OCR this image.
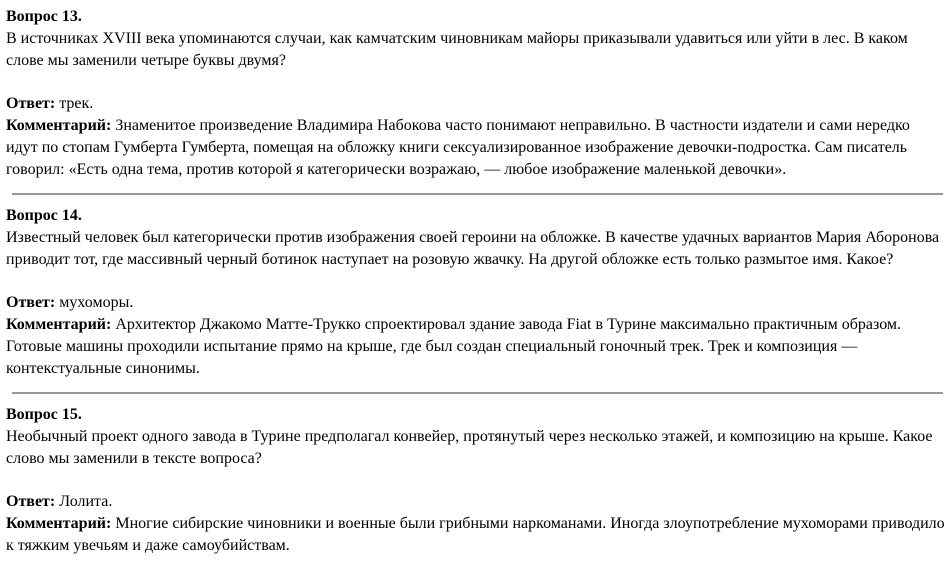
Вопрос 13.

В источниках XVIII века упоминаются случаи, как камчатским чиновникам майоры приказывали удавиться или уйти в лес. В каком слове мы заменили четыре буквы двумя?

Ответ: трек.

Комментарий: Знаменитое произведение Владимира Набокова часто понимают неправильно. В частности издатели и сами нередко идут по стопам Гумберта Гумберта, помещая на обложку книги сексуализированное изображение девочки-подростка. Сам писатель говорил: «Есть одна тема, против которой я категорически возражаю, — любое изображение маленькой девочки».

Вопрос 14.

Известный человек был категорически против изображения своей героини на обложке. В качестве удачных вариантов Мария Аборонова приводит тот, где массивный черный ботинок наступает на розовую жвачку. На другой обложке есть только размытое имя. Какое?

Ответ: мухоморы.

Комментарий: Архитектор Джакомо Матте-Трукко спроектировал здание завода Fiat в Турине максимально практичным образом. Готовые машины проходили испытание прямо на крыше, где был создан специальный гоночный трек. Трек и композиция — контекстуальные синонимы.

Вопрос 15.

Необычный проект одного завода в Турине предполагал конвейер, протянутый через несколько этажей, и композицию на крыше. Какое слово мы заменили в тексте вопроса?

Ответ: Лолита.

Комментарий: Многие сибирские чиновники и военные были грибными наркоманами. Иногда злоупотребление мухоморами приводило к тяжким увечьям и даже самоубийствам.
